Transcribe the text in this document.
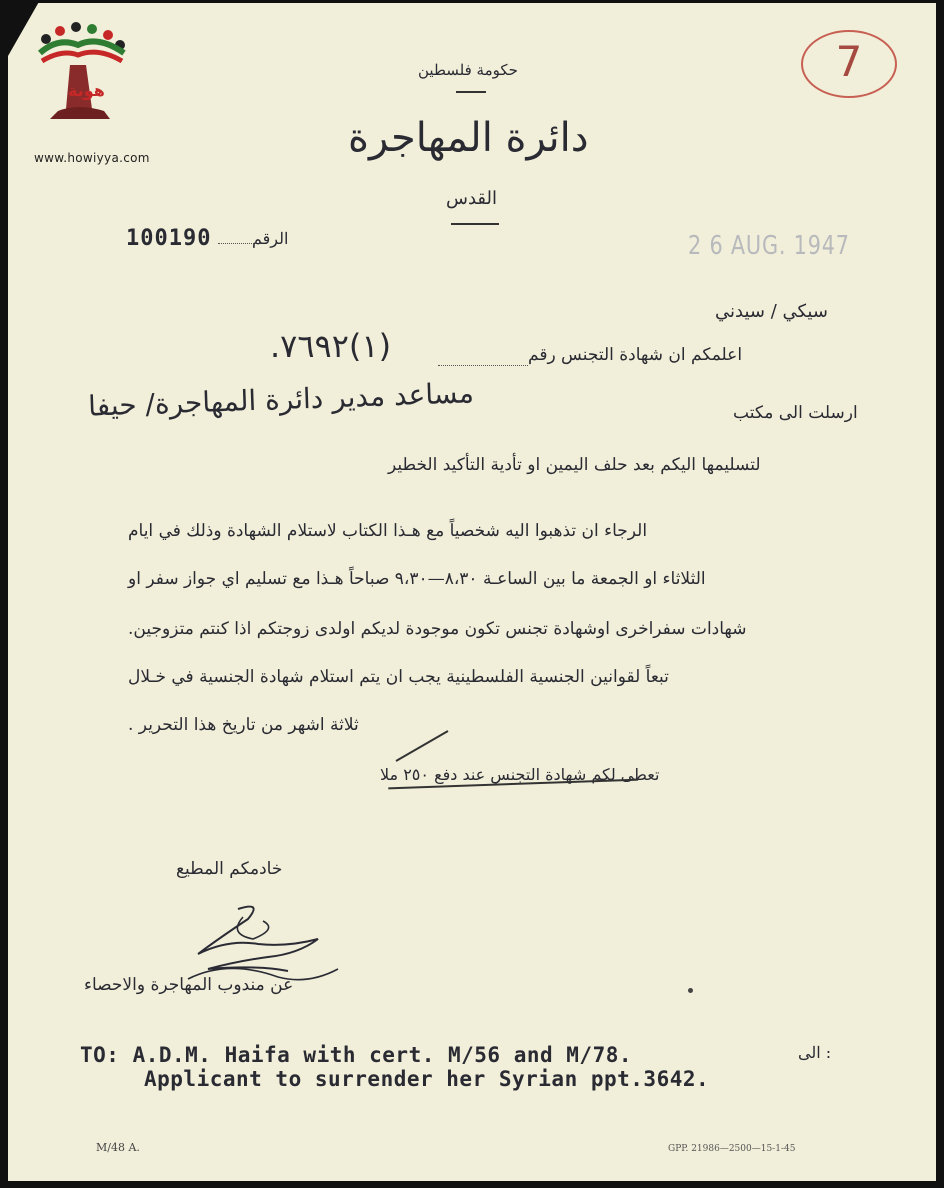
هوية
www.howiyya.com
7
حكومة فلسطين
دائرة المهاجرة
القدس
الرقم
100190	2 6 AUG. 1947
سيكي / سيدني
اعلمكم ان شهادة التجنس رقم
(١)٧٦٩٢.
ارسلت الى مكتب
مساعد مدير دائرة المهاجرة/ حيفا
لتسليمها اليكم بعد حلف اليمين او تأدية التأكيد الخطير
الرجاء ان تذهبوا اليه شخصياً مع هـذا الكتاب لاستلام الشهادة وذلك في ايام
الثلاثاء او الجمعة ما بين الساعـة ٨،٣٠—٩،٣٠ صباحاً هـذا مع تسليم اي جواز سفر او
شهادات سفراخرى اوشهادة تجنس تكون موجودة لديكم اولدى زوجتكم اذا كنتم متزوجين.
تبعاً لقوانين الجنسية الفلسطينية يجب ان يتم استلام شهادة الجنسية في خـلال
ثلاثة اشهر من تاريخ هذا التحرير .
تعطى لكم شهادة التجنس عند دفع ٢٥٠ ملا
خادمكم المطيع
عن مندوب المهاجرة والاحصاء
: الى
TO: A.D.M. Haifa with cert. M/56 and M/78.
Applicant to surrender her Syrian ppt.3642.
M/48 A.	GPP. 21986—2500—15-1-45
